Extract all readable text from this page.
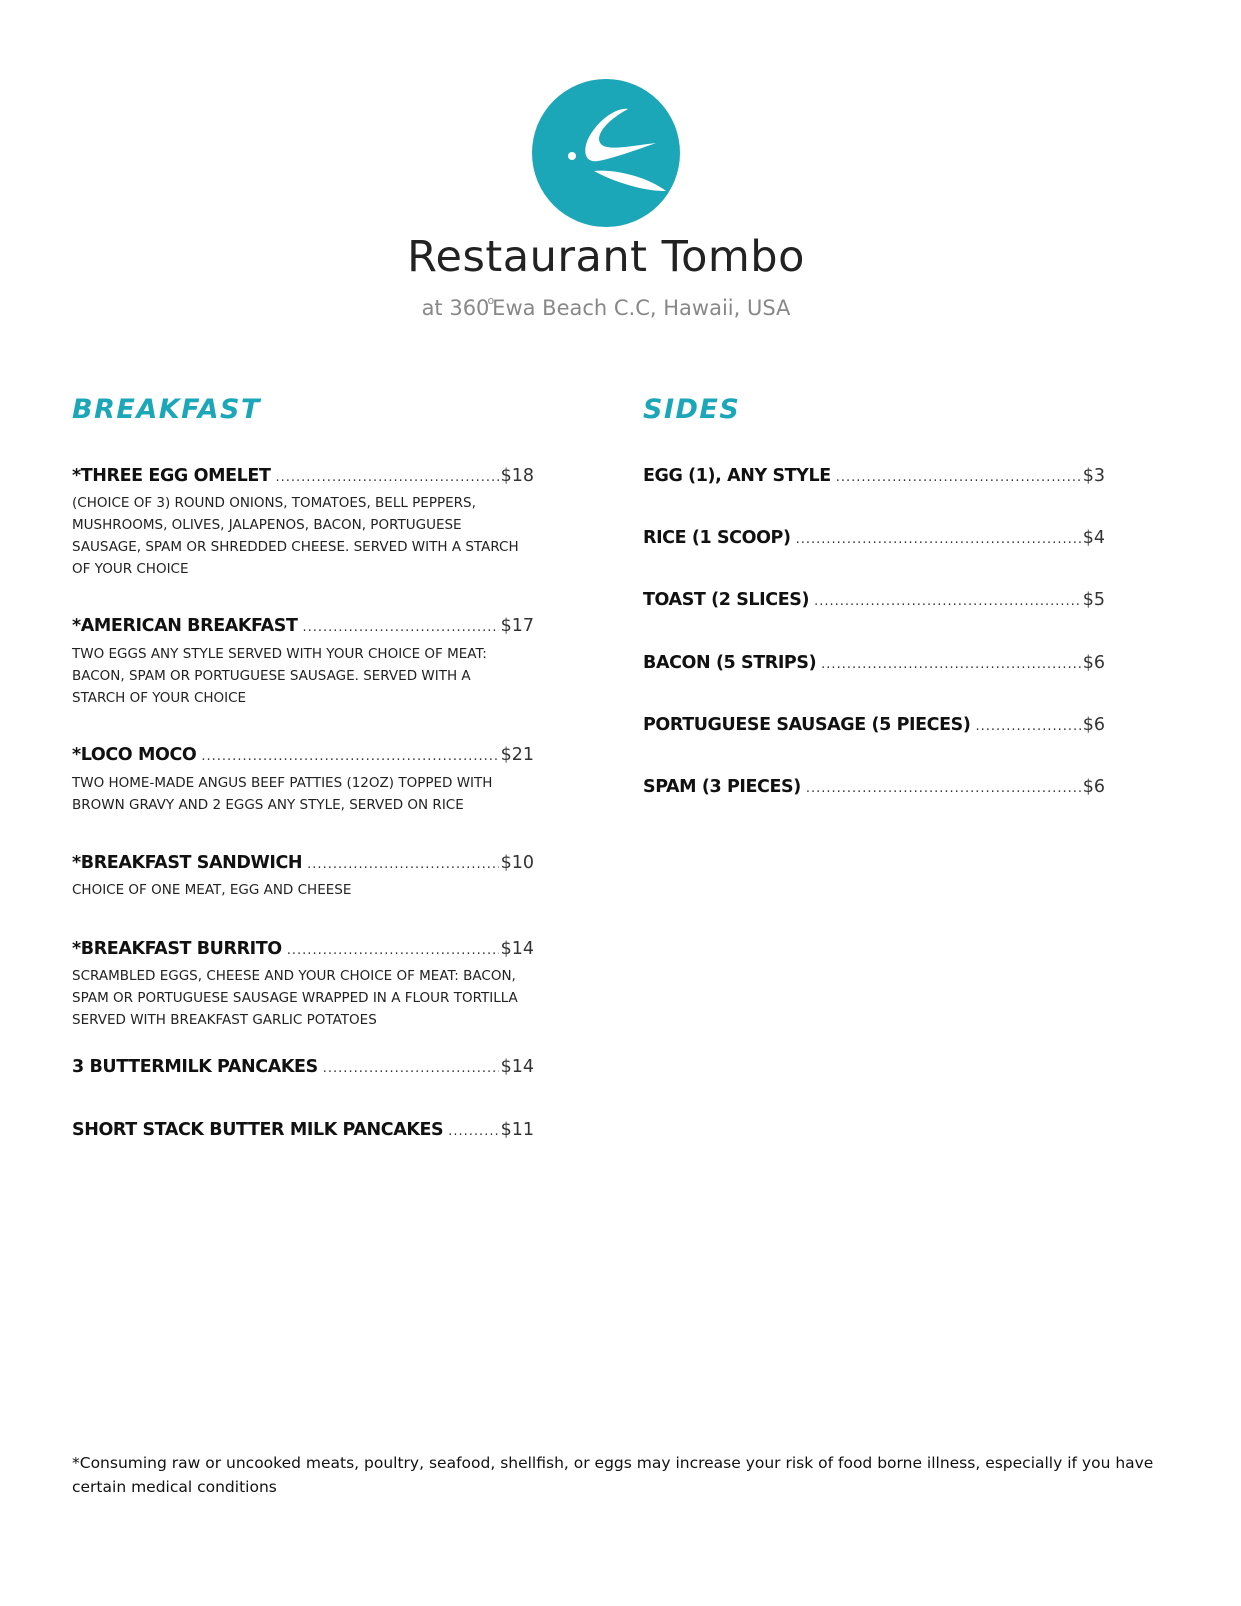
Restaurant Tombo

at 360$^o$Ewa Beach C.C, Hawaii, USA

BREAKFAST
*THREE EGG OMELET .....	$18

(CHOICE OF 3) ROUND ONIONS, TOMATOES, BELL PEPPERS, MUSHROOMS, OLIVES, JALAPENOS, BACON, PORTUGUESE SAUSAGE, SPAM OR SHREDDED CHEESE. SERVED WITH A STARCH OF YOUR CHOICE

*AMERICAN BREAKFAST .....	$17

TWO EGGS ANY STYLE SERVED WITH YOUR CHOICE OF MEAT: BACON, SPAM OR PORTUGUESE SAUSAGE. SERVED WITH A STARCH OF YOUR CHOICE

*LOCO MOCO .....	$21

TWO HOME-MADE ANGUS BEEF PATTIES (12OZ) TOPPED WITH BROWN GRAVY AND 2 EGGS ANY STYLE, SERVED ON RICE

*BREAKFAST SANDWICH .....	$10

CHOICE OF ONE MEAT, EGG AND CHEESE

*BREAKFAST BURRITO .....	$14

SCRAMBLED EGGS, CHEESE AND YOUR CHOICE OF MEAT: BACON, SPAM OR PORTUGUESE SAUSAGE WRAPPED IN A FLOUR TORTILLA SERVED WITH BREAKFAST GARLIC POTATOES

3 BUTTERMILK PANCAKES .....	$14
SHORT STACK BUTTER MILK PANCAKES .....	$11
SIDES
EGG (1), ANY STYLE .....	$3
RICE (1 SCOOP) .....	$4
TOAST (2 SLICES) .....	$5
BACON (5 STRIPS) .....	$6
PORTUGUESE SAUSAGE (5 PIECES) .....	$6
SPAM (3 PIECES) .....	$6

*Consuming raw or uncooked meats, poultry, seafood, shellfish, or eggs may increase your risk of food borne illness, especially if you have certain medical conditions
